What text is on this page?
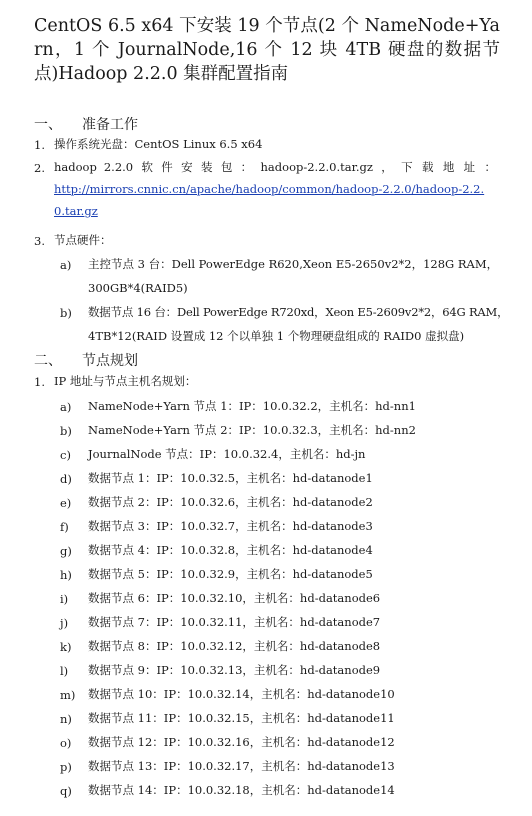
CentOS 6.5 x64 下安装 19 个节点(2 个 NameNode+Yarn，1 个 JournalNode,16 个 12 块 4TB 硬盘的数据节点)Hadoop 2.2.0 集群配置指南
一、 准备工作
1. 操作系统光盘：CentOS Linux 6.5 x64
2. hadoop 2.2.0 软件安装包：hadoop-2.2.0.tar.gz ， 下载地址：
http://mirrors.cnnic.cn/apache/hadoop/common/hadoop-2.2.0/hadoop-2.2.
0.tar.gz
3. 节点硬件：
a)	主控节点 3 台：Dell PowerEdge R620,Xeon E5-2650v2*2，128G RAM，
300GB*4(RAID5)
b)	数据节点 16 台：Dell PowerEdge R720xd，Xeon E5-2609v2*2，64G RAM，
4TB*12(RAID 设置成 12 个以单独 1 个物理硬盘组成的 RAID0 虚拟盘)
二、 节点规划
1. IP 地址与节点主机名规划：
a)	NameNode+Yarn 节点 1：IP：10.0.32.2，主机名：hd-nn1
b)	NameNode+Yarn 节点 2：IP：10.0.32.3，主机名：hd-nn2
c)	JournalNode 节点：IP：10.0.32.4，主机名：hd-jn
d)	数据节点 1：IP：10.0.32.5，主机名：hd-datanode1
e)	数据节点 2：IP：10.0.32.6，主机名：hd-datanode2
f)	数据节点 3：IP：10.0.32.7，主机名：hd-datanode3
g)	数据节点 4：IP：10.0.32.8，主机名：hd-datanode4
h)	数据节点 5：IP：10.0.32.9，主机名：hd-datanode5
i)	数据节点 6：IP：10.0.32.10，主机名：hd-datanode6
j)	数据节点 7：IP：10.0.32.11，主机名：hd-datanode7
k)	数据节点 8：IP：10.0.32.12，主机名：hd-datanode8
l)	数据节点 9：IP：10.0.32.13，主机名：hd-datanode9
m)	数据节点 10：IP：10.0.32.14，主机名：hd-datanode10
n)	数据节点 11：IP：10.0.32.15，主机名：hd-datanode11
o)	数据节点 12：IP：10.0.32.16，主机名：hd-datanode12
p)	数据节点 13：IP：10.0.32.17，主机名：hd-datanode13
q)	数据节点 14：IP：10.0.32.18，主机名：hd-datanode14
